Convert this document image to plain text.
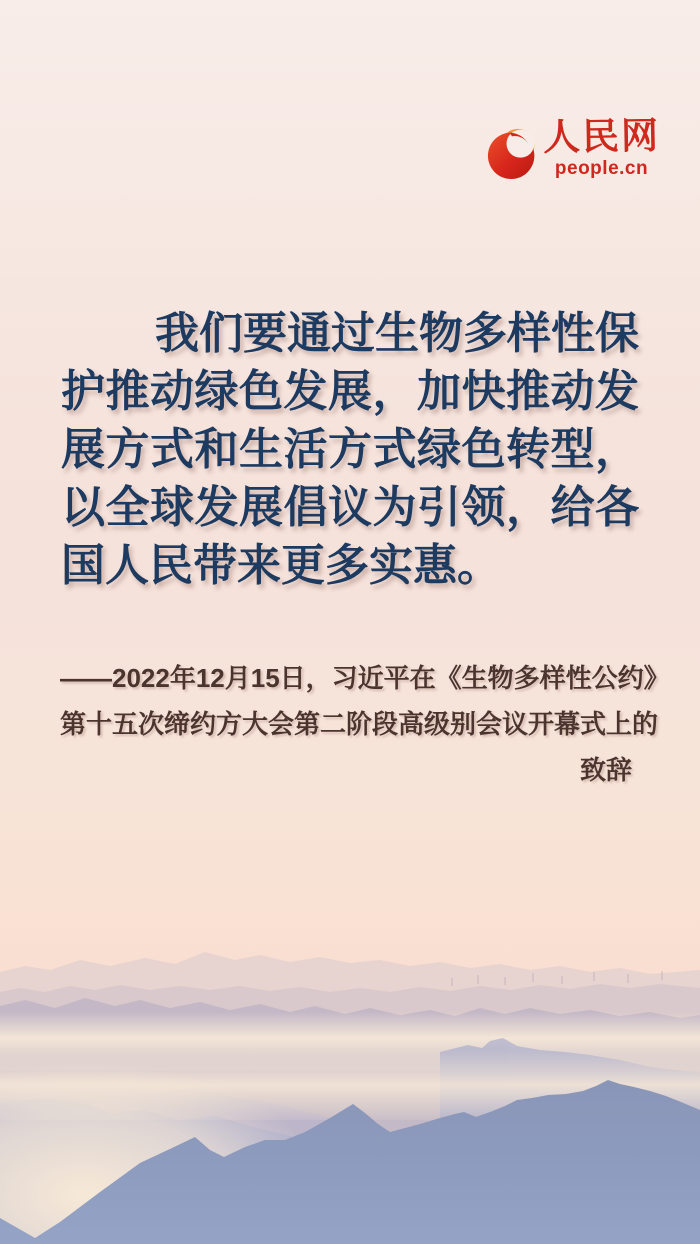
人民网
people.cn
我们要通过生物多样性保
护推动绿色发展，加快推动发
展方式和生活方式绿色转型，
以全球发展倡议为引领，给各
国人民带来更多实惠。
——2022年12月15日，习近平在《生物多样性公约》
第十五次缔约方大会第二阶段高级别会议开幕式上的
致辞
